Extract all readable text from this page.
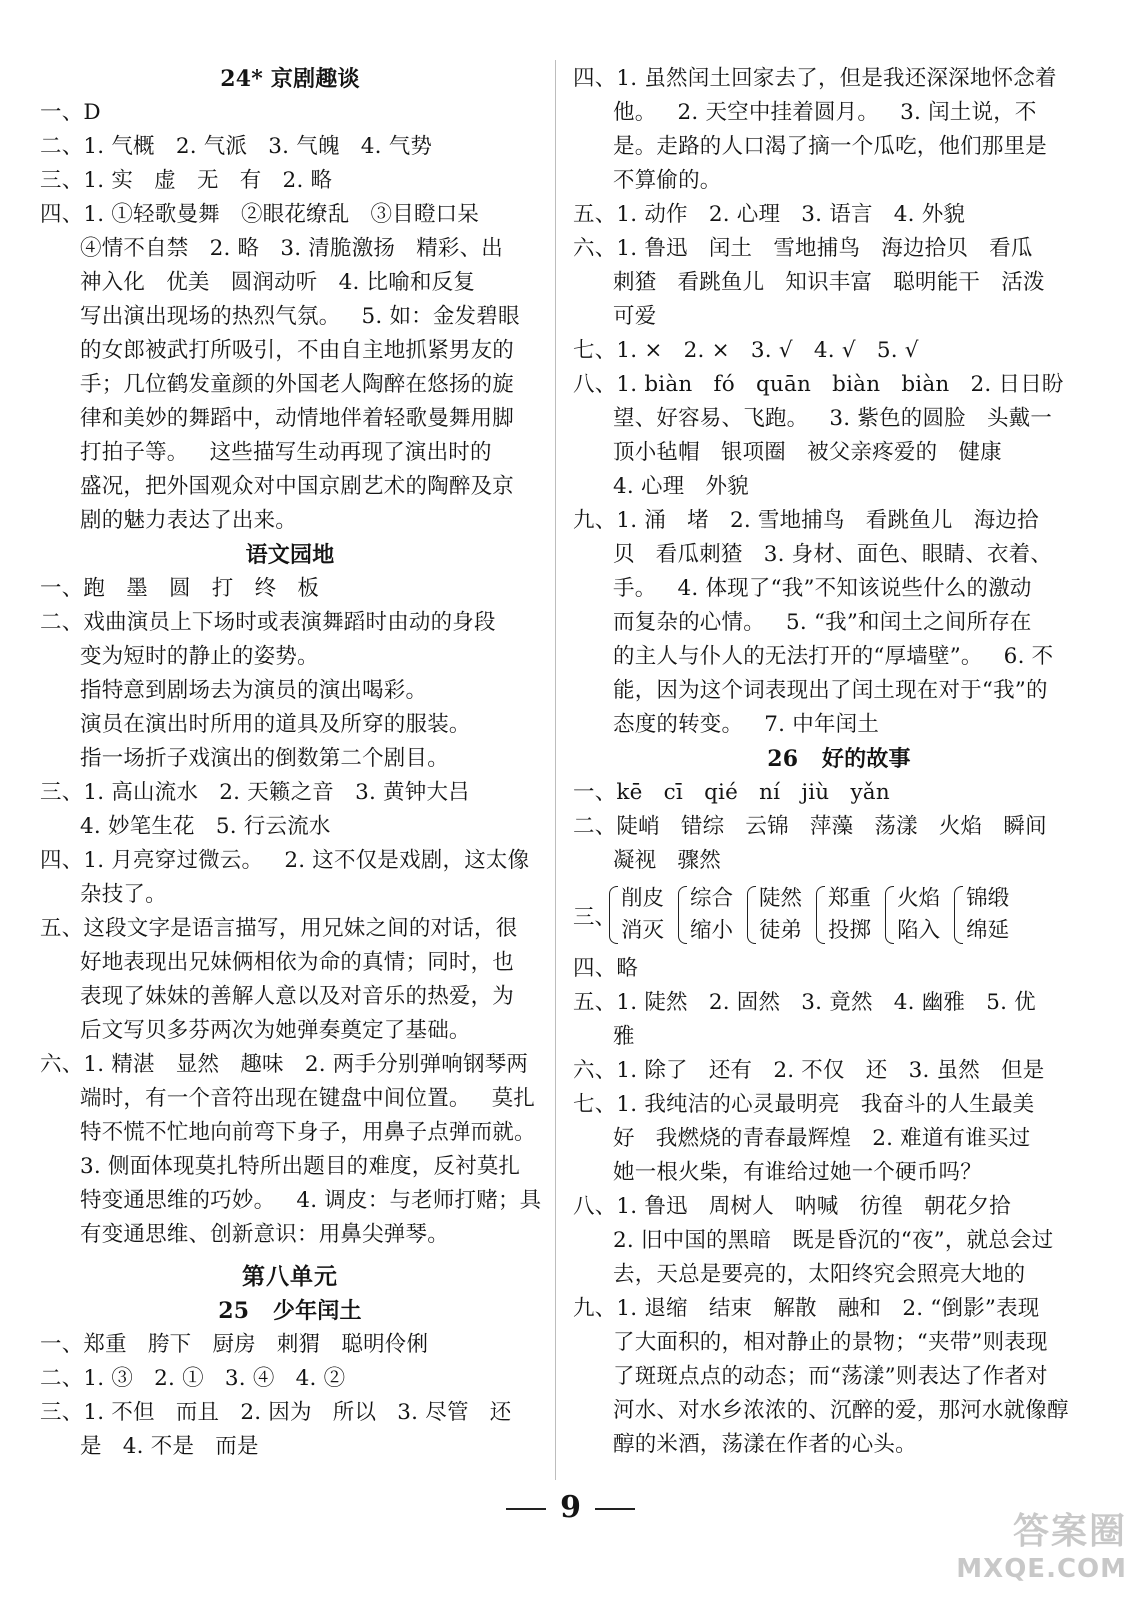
24* 京剧趣谈
一、D
二、1. 气概   2. 气派   3. 气魄   4. 气势
三、1. 实   虚   无   有   2. 略
四、1. ①轻歌曼舞   ②眼花缭乱   ③目瞪口呆
④情不自禁   2. 略   3. 清脆激扬   精彩、出
神入化   优美   圆润动听   4. 比喻和反复
写出演出现场的热烈气氛。   5. 如：金发碧眼
的女郎被武打所吸引，不由自主地抓紧男友的
手；几位鹤发童颜的外国老人陶醉在悠扬的旋
律和美妙的舞蹈中，动情地伴着轻歌曼舞用脚
打拍子等。   这些描写生动再现了演出时的
盛况，把外国观众对中国京剧艺术的陶醉及京
剧的魅力表达了出来。
语文园地
一、跑   墨   圆   打   终   板
二、戏曲演员上下场时或表演舞蹈时由动的身段
变为短时的静止的姿势。
指特意到剧场去为演员的演出喝彩。
演员在演出时所用的道具及所穿的服装。
指一场折子戏演出的倒数第二个剧目。
三、1. 高山流水   2. 天籁之音   3. 黄钟大吕
4. 妙笔生花   5. 行云流水
四、1. 月亮穿过微云。   2. 这不仅是戏剧，这太像
杂技了。
五、这段文字是语言描写，用兄妹之间的对话，很
好地表现出兄妹俩相依为命的真情；同时，也
表现了妹妹的善解人意以及对音乐的热爱，为
后文写贝多芬两次为她弹奏奠定了基础。
六、1. 精湛   显然   趣味   2. 两手分别弹响钢琴两
端时，有一个音符出现在键盘中间位置。   莫扎
特不慌不忙地向前弯下身子，用鼻子点弹而就。
3. 侧面体现莫扎特所出题目的难度，反衬莫扎
特变通思维的巧妙。   4. 调皮：与老师打赌；具
有变通思维、创新意识：用鼻尖弹琴。
第八单元
25   少年闰土
一、郑重   胯下   厨房   刺猬   聪明伶俐
二、1. ③   2. ①   3. ④   4. ②
三、1. 不但   而且   2. 因为   所以   3. 尽管   还
是   4. 不是   而是
四、1. 虽然闰土回家去了，但是我还深深地怀念着
他。   2. 天空中挂着圆月。   3. 闰土说，不
是。走路的人口渴了摘一个瓜吃，他们那里是
不算偷的。
五、1. 动作   2. 心理   3. 语言   4. 外貌
六、1. 鲁迅   闰土   雪地捕鸟   海边拾贝   看瓜
刺猹   看跳鱼儿   知识丰富   聪明能干   活泼
可爱
七、1. ×   2. ×   3. √   4. √   5. √
八、1. biàn   fó   quān   biàn   biàn   2. 日日盼
望、好容易、飞跑。   3. 紫色的圆脸   头戴一
顶小毡帽   银项圈   被父亲疼爱的   健康
4. 心理   外貌
九、1. 涌   堵   2. 雪地捕鸟   看跳鱼儿   海边拾
贝   看瓜刺猹   3. 身材、面色、眼睛、衣着、
手。   4. 体现了“我”不知该说些什么的激动
而复杂的心情。   5. “我”和闰土之间所存在
的主人与仆人的无法打开的“厚墙壁”。   6. 不
能，因为这个词表现出了闰土现在对于“我”的
态度的转变。   7. 中年闰土
26   好的故事
一、kē   cī   qié   ní   jiù   yǎn
二、陡峭   错综   云锦   萍藻   荡漾   火焰   瞬间
凝视   骤然
三、
削皮
消灭
综合
缩小
陡然
徒弟
郑重
投掷
火焰
陷入
锦缎
绵延
四、略
五、1. 陡然   2. 固然   3. 竟然   4. 幽雅   5. 优
雅
六、1. 除了   还有   2. 不仅   还   3. 虽然   但是
七、1. 我纯洁的心灵最明亮   我奋斗的人生最美
好   我燃烧的青春最辉煌   2. 难道有谁买过
她一根火柴，有谁给过她一个硬币吗？
八、1. 鲁迅   周树人   呐喊   彷徨   朝花夕拾
2. 旧中国的黑暗   既是昏沉的“夜”，就总会过
去，天总是要亮的，太阳终究会照亮大地的
九、1. 退缩   结束   解散   融和   2. “倒影”表现
了大面积的，相对静止的景物；“夹带”则表现
了斑斑点点的动态；而“荡漾”则表达了作者对
河水、对水乡浓浓的、沉醉的爱，那河水就像醇
醇的米酒，荡漾在作者的心头。
9
答案圈
MXQE.COM
